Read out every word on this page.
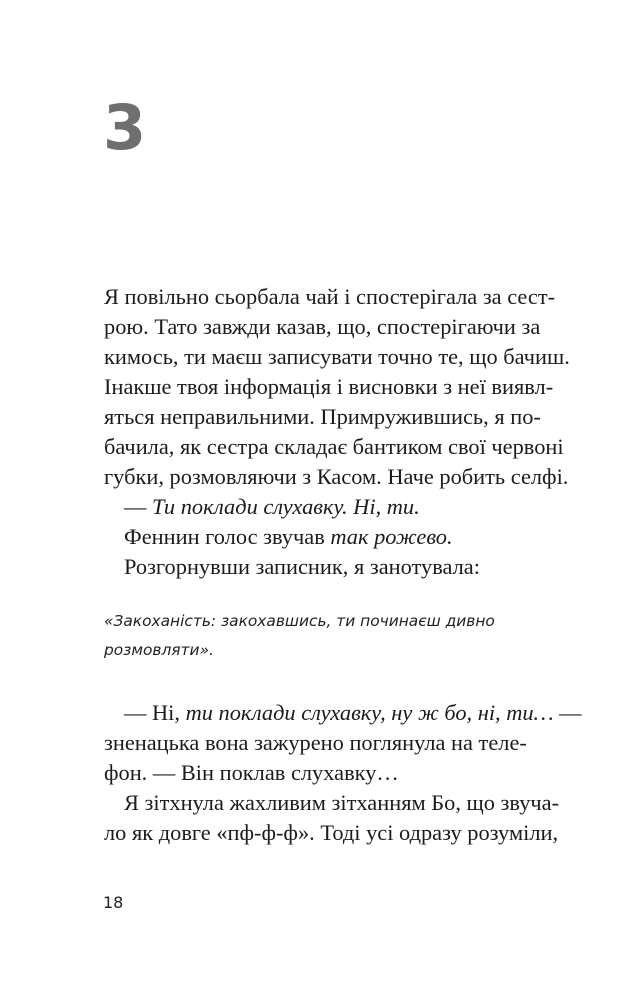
3
Я повільно сьорбала чай і спостерігала за сест-
рою. Тато завжди казав, що, спостерігаючи за
кимось, ти маєш записувати точно те, що бачиш.
Інакше твоя інформація і висновки з неї виявл-
яться неправильними. Примружившись, я по-
бачила, як сестра складає бантиком свої червоні
губки, розмовляючи з Касом. Наче робить селфі.
— Ти поклади слухавку. Ні, ти.
Феннин голос звучав так рожево.
Розгорнувши записник, я занотувала:
«Закоханість: закохавшись, ти починаєш дивно
розмовляти».
— Ні, ти поклади слухавку, ну ж бо, ні, ти… —
зненацька вона зажурено поглянула на теле-
фон. — Він поклав слухавку…
Я зітхнула жахливим зітханням Бо, що звуча-
ло як довге «пф-ф-ф». Тоді усі одразу розуміли,
18
